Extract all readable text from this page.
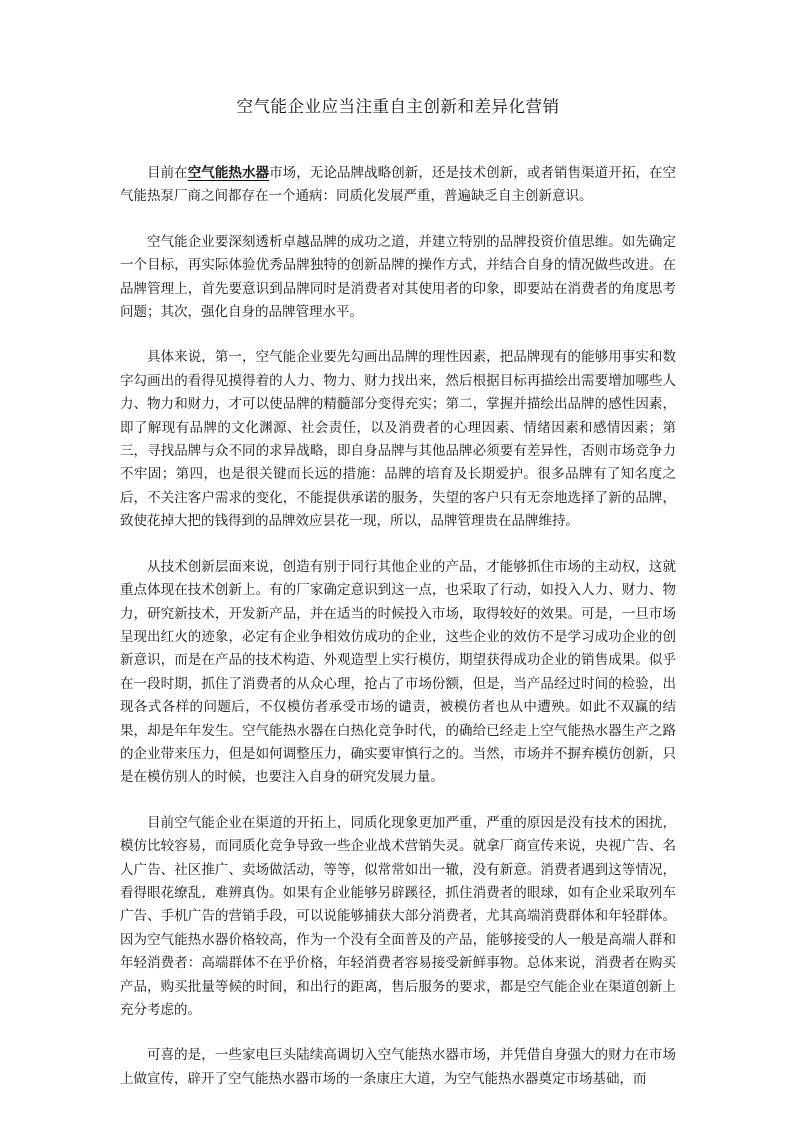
空气能企业应当注重自主创新和差异化营销

目前在空气能热水器市场，无论品牌战略创新，还是技术创新，或者销售渠道开拓，在空气能热泵厂商之间都存在一个通病：同质化发展严重，普遍缺乏自主创新意识。

空气能企业要深刻透析卓越品牌的成功之道，并建立特别的品牌投资价值思维。如先确定一个目标，再实际体验优秀品牌独特的创新品牌的操作方式，并结合自身的情况做些改进。在品牌管理上，首先要意识到品牌同时是消费者对其使用者的印象，即要站在消费者的角度思考问题；其次，强化自身的品牌管理水平。

具体来说，第一，空气能企业要先勾画出品牌的理性因素，把品牌现有的能够用事实和数字勾画出的看得见摸得着的人力、物力、财力找出来，然后根据目标再描绘出需要增加哪些人力、物力和财力，才可以使品牌的精髓部分变得充实；第二，掌握并描绘出品牌的感性因素，即了解现有品牌的文化渊源、社会责任，以及消费者的心理因素、情绪因素和感情因素；第三，寻找品牌与众不同的求异战略，即自身品牌与其他品牌必须要有差异性，否则市场竞争力不牢固；第四，也是很关键而长远的措施：品牌的培育及长期爱护。很多品牌有了知名度之后，不关注客户需求的变化，不能提供承诺的服务，失望的客户只有无奈地选择了新的品牌，致使花掉大把的钱得到的品牌效应昙花一现，所以，品牌管理贵在品牌维持。

从技术创新层面来说，创造有别于同行其他企业的产品，才能够抓住市场的主动权，这就重点体现在技术创新上。有的厂家确定意识到这一点，也采取了行动，如投入人力、财力、物力，研究新技术，开发新产品，并在适当的时候投入市场，取得较好的效果。可是，一旦市场呈现出红火的迹象，必定有企业争相效仿成功的企业，这些企业的效仿不是学习成功企业的创新意识，而是在产品的技术构造、外观造型上实行模仿，期望获得成功企业的销售成果。似乎在一段时期，抓住了消费者的从众心理，抢占了市场份额，但是，当产品经过时间的检验，出现各式各样的问题后，不仅模仿者承受市场的谴责，被模仿者也从中遭殃。如此不双赢的结果，却是年年发生。空气能热水器在白热化竞争时代，的确给已经走上空气能热水器生产之路的企业带来压力，但是如何调整压力，确实要审慎行之的。当然，市场并不摒弃模仿创新，只是在模仿别人的时候，也要注入自身的研究发展力量。

目前空气能企业在渠道的开拓上，同质化现象更加严重，严重的原因是没有技术的困扰，模仿比较容易，而同质化竞争导致一些企业战术营销失灵。就拿厂商宣传来说，央视广告、名人广告、社区推广、卖场做活动，等等，似常常如出一辙，没有新意。消费者遇到这等情况，看得眼花缭乱，难辨真伪。如果有企业能够另辟蹊径，抓住消费者的眼球，如有企业采取列车广告、手机广告的营销手段，可以说能够捕获大部分消费者，尤其高端消费群体和年轻群体。因为空气能热水器价格较高，作为一个没有全面普及的产品，能够接受的人一般是高端人群和年轻消费者：高端群体不在乎价格，年轻消费者容易接受新鲜事物。总体来说，消费者在购买产品，购买批量等候的时间，和出行的距离，售后服务的要求，都是空气能企业在渠道创新上充分考虑的。

可喜的是，一些家电巨头陆续高调切入空气能热水器市场，并凭借自身强大的财力在市场上做宣传，辟开了空气能热水器市场的一条康庄大道，为空气能热水器奠定市场基础，而
